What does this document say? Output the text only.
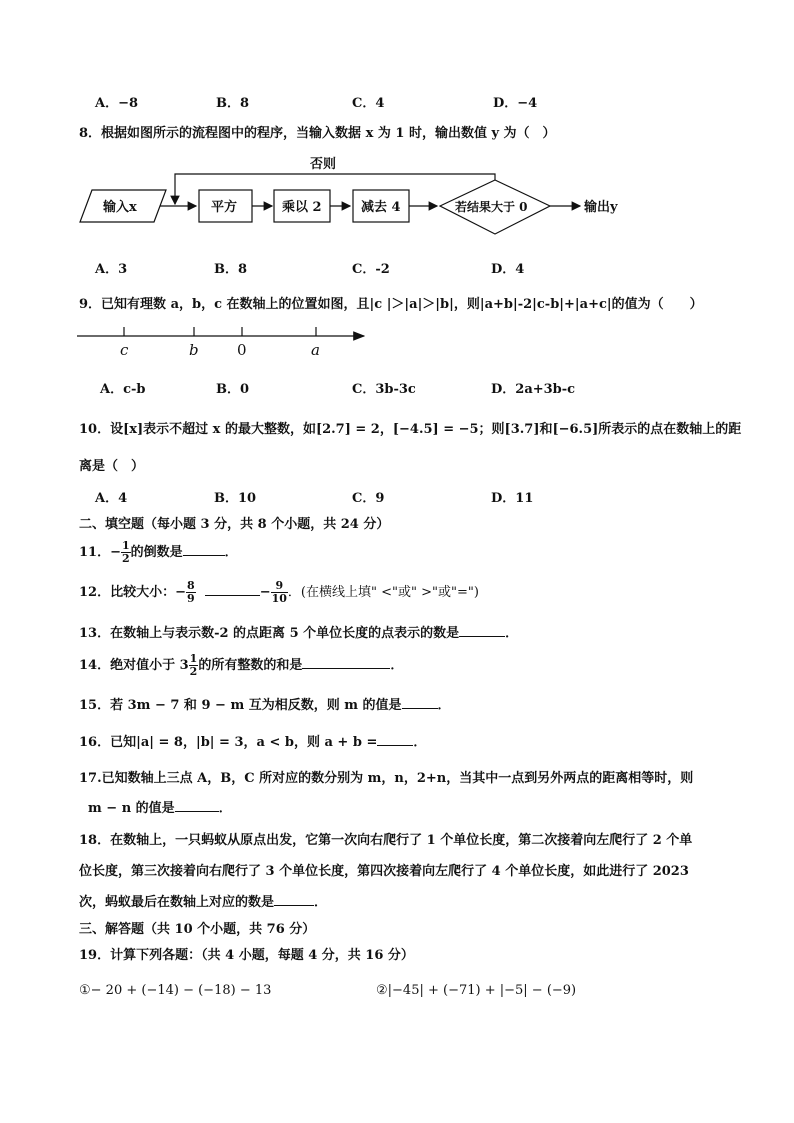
A．−8	B．8	C．4	D．−4
8．根据如图所示的流程图中的程序，当输入数据 x 为 1 时，输出数值 y 为（　）
否则
输入x	平方	乘以 2	减去 4	若结果大于 0	输出y
A．3	B．8	C．-2	D．4
9．已知有理数 a，b，c 在数轴上的位置如图，且|c |＞|a|＞|b|，则|a+b|-2|c-b|+|a+c|的值为（　　）
c	b	0	a
A．c-b	B．0	C．3b-3c	D．2a+3b-c
10．设[x]表示不超过 x 的最大整数，如[2.7] = 2，[−4.5] = −5；则[3.7]和[−6.5]所表示的点在数轴上的距
离是（　）
A．4	B．10	C．9	D．11
二、填空题（每小题 3 分，共 8 个小题，共 24 分）
11．− $\frac{1}{2}$ 的倒数是	．
12．比较大小：− $\frac{8}{9}$	− $\frac{9}{10}$ ．(在横线上填" <"或" >"或"=")
13．在数轴上与表示数-2 的点距离 5 个单位长度的点表示的数是	．
14．绝对值小于 $3 \frac{1}{2}$ 的所有整数的和是	．
15．若 3m − 7 和 9 − m 互为相反数，则 m 的值是	．
16．已知|a| = 8，|b| = 3，a < b，则 a + b =	．
17.已知数轴上三点 A，B，C 所对应的数分别为 m，n，2+n，当其中一点到另外两点的距离相等时，则
m − n 的值是	．
18．在数轴上，一只蚂蚁从原点出发，它第一次向右爬行了 1 个单位长度，第二次接着向左爬行了 2 个单
位长度，第三次接着向右爬行了 3 个单位长度，第四次接着向左爬行了 4 个单位长度，如此进行了 2023
次，蚂蚁最后在数轴上对应的数是	．
三、解答题（共 10 个小题，共 76 分）
19．计算下列各题：（共 4 小题，每题 4 分，共 16 分）
①− 20 + (−14) − (−18) − 13	②|−45| + (−71) + |−5| − (−9)
